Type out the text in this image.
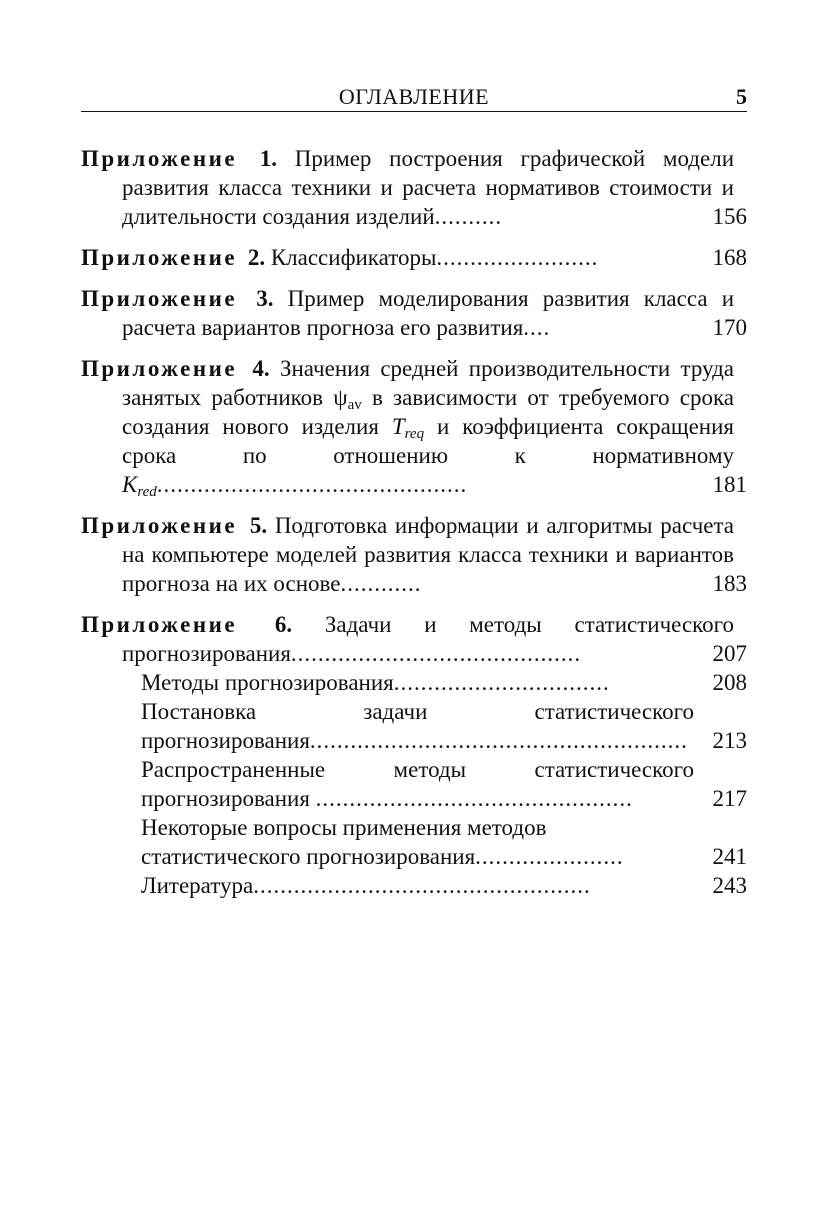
ОГЛАВЛЕНИЕ	5
Приложение 1. Пример построения графической модели развития класса техники и расчета нормативов стоимости и длительности создания изделий..........	156
Приложение 2. Классификаторы........................	168
Приложение 3. Пример моделирования развития класса и расчета вариантов прогноза его развития....	170
Приложение 4. Значения средней производительности труда занятых работников $\psi_{av}$ в зависимости от требуемого срока создания нового изделия $T_{req}$ и коэффициента сокращения срока по отношению к нормативному $K_{red}$..............................................	181
Приложение 5. Подготовка информации и алгоритмы расчета на компьютере моделей развития класса техники и вариантов прогноза на их основе............	183
Приложение 6. Задачи и методы статистического прогнозирования...........................................	207
Методы прогнозирования................................	208
Постановка задачи статистического прогнозирования........................................................ 213
Распространенные методы статистического прогнозирования ...............................................	217
Некоторые вопросы применения методов статистического прогнозирования......................	241
Литература..................................................	243
